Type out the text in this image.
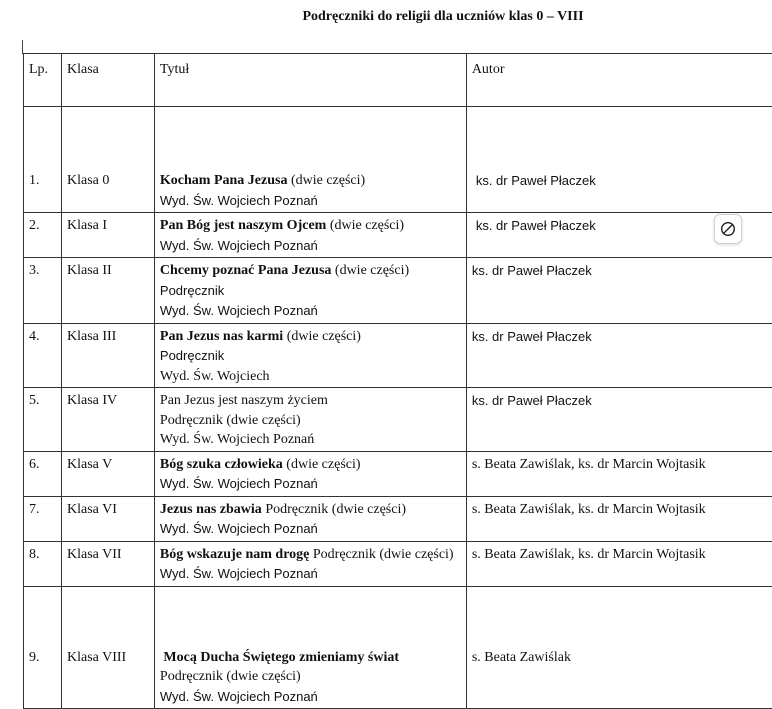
Podręczniki do religii dla uczniów klas 0 – VIII
Lp.	Klasa	Tytuł	Autor
1.	Klasa 0	Kocham Pana Jezusa (dwie części)
Wyd. Św. Wojciech Poznań	ks. dr Paweł Płaczek
2.	Klasa I	Pan Bóg jest naszym Ojcem (dwie części)
Wyd. Św. Wojciech Poznań	ks. dr Paweł Płaczek
3.	Klasa II	Chcemy poznać Pana Jezusa (dwie części)
Podręcznik
Wyd. Św. Wojciech Poznań	ks. dr Paweł Płaczek
4.	Klasa III	Pan Jezus nas karmi (dwie części)
Podręcznik
Wyd. Św. Wojciech	ks. dr Paweł Płaczek
5.	Klasa IV	Pan Jezus jest naszym życiem
Podręcznik (dwie części)
Wyd. Św. Wojciech Poznań	ks. dr Paweł Płaczek
6.	Klasa V	Bóg szuka człowieka (dwie części)
Wyd. Św. Wojciech Poznań	s. Beata Zawiślak, ks. dr Marcin Wojtasik
7.	Klasa VI	Jezus nas zbawia Podręcznik (dwie części)
Wyd. Św. Wojciech Poznań	s. Beata Zawiślak, ks. dr Marcin Wojtasik
8.	Klasa VII	Bóg wskazuje nam drogę Podręcznik (dwie części)
Wyd. Św. Wojciech Poznań	s. Beata Zawiślak, ks. dr Marcin Wojtasik
9.	Klasa VIII	Mocą Ducha Świętego zmieniamy świat
Podręcznik (dwie części)
Wyd. Św. Wojciech Poznań	s. Beata Zawiślak
